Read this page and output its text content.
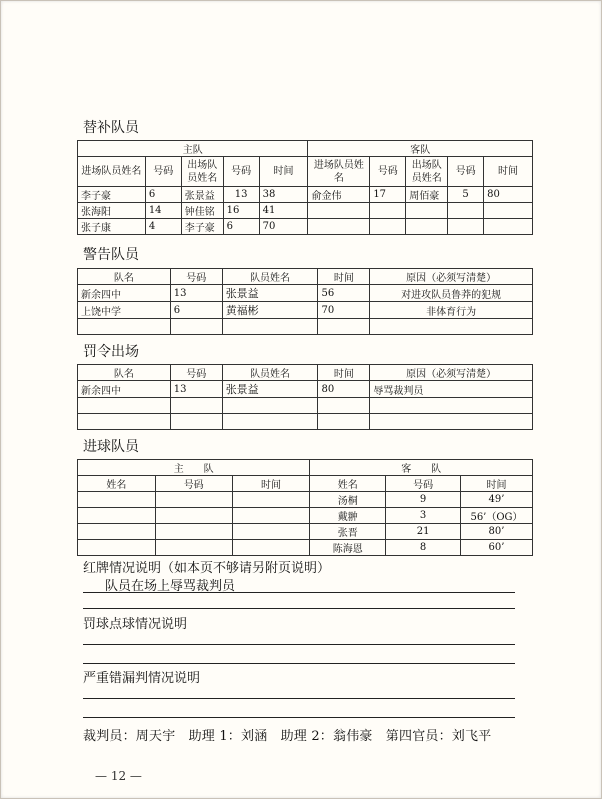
替补队员
主队					客队				
进场队员姓名	号码	出场队员姓名	号码	时间	进场队员姓名	号码	出场队员姓名	号码	时间
李子豪	6	张景益	13	38	俞金伟	17	周佰豪	5	80
张海阳	14	钟佳铭	16	41					
张子康	4	李子豪	6	70					
警告队员
队名	号码	队员姓名	时间	原因（必须写清楚）
新余四中	13	张景益	56	对进攻队员鲁莽的犯规
上饶中学	6	黄福彬	70	非体育行为

罚令出场
队名	号码	队员姓名	时间	原因（必须写清楚）
新余四中	13	张景益	80	辱骂裁判员

进球队员
主　　队			客　　队		
姓名	号码	时间	姓名	号码	时间
			汤桐	9	49’
			戴翀	3	56’（OG）
			张晋	21	80’
			陈海恩	8	60’
红牌情况说明（如本页不够请另附页说明）
队员在场上辱骂裁判员
罚球点球情况说明
严重错漏判情况说明
裁判员：周天宇　助理 1：刘涵　助理 2：翁伟豪　第四官员：刘飞平
— 12 —
